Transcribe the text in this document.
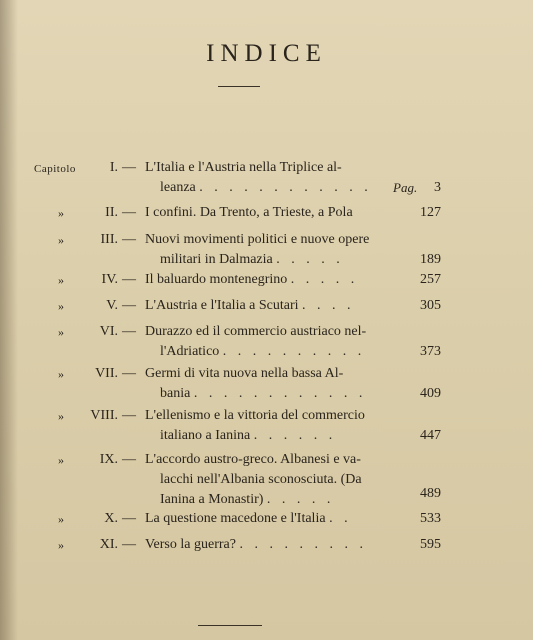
INDICE
Capitolo	I. — L'Italia e l'Austria nella Triplice al-
leanza . . . . . . . . . . . . Pag.	3
»	II. — I confini. Da Trento, a Trieste, a Pola	127
»	III. — Nuovi movimenti politici e nuove opere
militari in Dalmazia . . . . .	189
»	IV. — Il baluardo montenegrino . . . . .	257
»	V. — L'Austria e l'Italia a Scutari . . . .	305
»	VI. — Durazzo ed il commercio austriaco nel-
l'Adriatico . . . . . . . . . .	373
»	VII. — Germi di vita nuova nella bassa Al-
bania . . . . . . . . . . . .	409
»	VIII. — L'ellenismo e la vittoria del commercio
italiano a Ianina . . . . . .	447
»	IX. — L'accordo austro-greco. Albanesi e va-
lacchi nell'Albania sconosciuta. (Da
Ianina a Monastir) . . . . .	489
»	X. — La questione macedone e l'Italia . .	533
»	XI. — Verso la guerra? . . . . . . . . .	595
